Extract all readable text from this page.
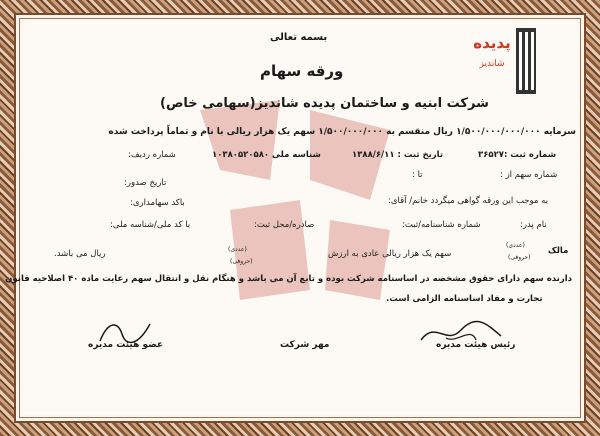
پدیده
شاندیز
بسمه تعالی
ورقه سهام
شرکت ابنیه و ساختمان پدیده شاندیز(سهامی خاص)
سرمایه ۱/۵۰۰/۰۰۰/۰۰۰/۰۰۰ ریال منقسم به ۱/۵۰۰/۰۰۰/۰۰۰ سهم یک هزار ریالی با نام و تماماً پرداخت شده
شماره ثبت :۳۶۵۲۷
تاریخ ثبت : ۱۳۸۸/۶/۱۱
شناسه ملی ۱۰۳۸۰۵۲۰۵۸۰
شماره ردیف:
شماره سهم از :
تا :
تاریخ صدور:
به موجب این ورقه گواهی میگردد خانم/ آقای:
باکد سهامداری:
نام پدر:
شماره شناسنامه/ثبت:
صادره/محل ثبت:
با کد ملی/شناسه ملی:
مالک
(عددی)
(حروفی)
سهم یک هزار ریالی عادی به ارزش
(عددی)
(حروفی)
ریال می باشد.
دارنده سهم دارای حقوق مشخصه در اساسنامه شرکت بوده و تابع آن می باشد و هنگام نقل و انتقال سهم رعایت ماده ۴۰ اصلاحیه قانون
تجارت و مفاد اساسنامه الزامی است.
رئیس هیئت مدیره
مهر شرکت
عضو هیئت مدیره
